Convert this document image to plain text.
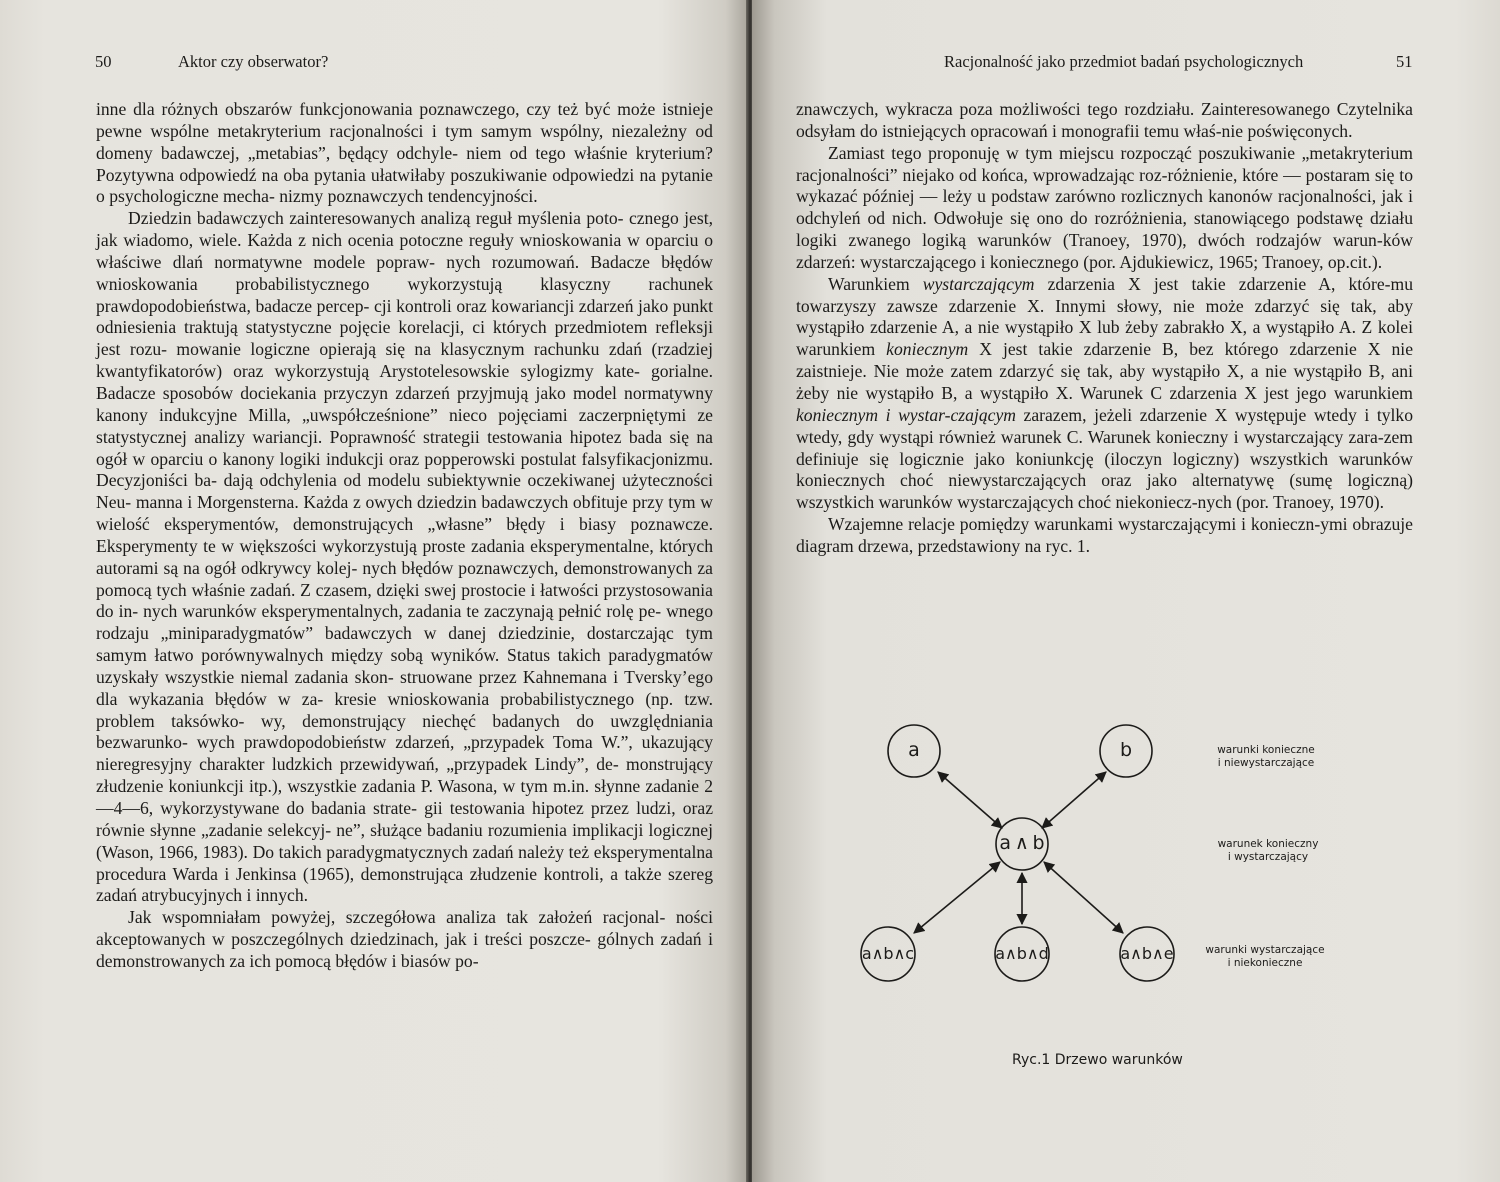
50	Aktor czy obserwator?

inne dla różnych obszarów funkcjonowania poznawczego, czy też być może istnieje pewne wspólne metakryterium racjonalności i tym samym wspólny, niezależny od domeny badawczej, „metabias”, będący odchyle- niem od tego właśnie kryterium? Pozytywna odpowiedź na oba pytania ułatwiłaby poszukiwanie odpowiedzi na pytanie o psychologiczne mecha- nizmy poznawczych tendencyjności.

Dziedzin badawczych zainteresowanych analizą reguł myślenia poto- cznego jest, jak wiadomo, wiele. Każda z nich ocenia potoczne reguły wnioskowania w oparciu o właściwe dlań normatywne modele popraw- nych rozumowań. Badacze błędów wnioskowania probabilistycznego wykorzystują klasyczny rachunek prawdopodobieństwa, badacze percep- cji kontroli oraz kowariancji zdarzeń jako punkt odniesienia traktują statystyczne pojęcie korelacji, ci których przedmiotem refleksji jest rozu- mowanie logiczne opierają się na klasycznym rachunku zdań (rzadziej kwantyfikatorów) oraz wykorzystują Arystotelesowskie sylogizmy kate- gorialne. Badacze sposobów dociekania przyczyn zdarzeń przyjmują jako model normatywny kanony indukcyjne Milla, „uwspółcześnione” nieco pojęciami zaczerpniętymi ze statystycznej analizy wariancji. Poprawność strategii testowania hipotez bada się na ogół w oparciu o kanony logiki indukcji oraz popperowski postulat falsyfikacjonizmu. Decyzjoniści ba- dają odchylenia od modelu subiektywnie oczekiwanej użyteczności Neu- manna i Morgensterna. Każda z owych dziedzin badawczych obfituje przy tym w wielość eksperymentów, demonstrujących „własne” błędy i biasy poznawcze. Eksperymenty te w większości wykorzystują proste zadania eksperymentalne, których autorami są na ogół odkrywcy kolej- nych błędów poznawczych, demonstrowanych za pomocą tych właśnie zadań. Z czasem, dzięki swej prostocie i łatwości przystosowania do in- nych warunków eksperymentalnych, zadania te zaczynają pełnić rolę pe- wnego rodzaju „miniparadygmatów” badawczych w danej dziedzinie, dostarczając tym samym łatwo porównywalnych między sobą wyników. Status takich paradygmatów uzyskały wszystkie niemal zadania skon- struowane przez Kahnemana i Tversky’ego dla wykazania błędów w za- kresie wnioskowania probabilistycznego (np. tzw. problem taksówko- wy, demonstrujący niechęć badanych do uwzględniania bezwarunko- wych prawdopodobieństw zdarzeń, „przypadek Toma W.”, ukazujący nieregresyjny charakter ludzkich przewidywań, „przypadek Lindy”, de- monstrujący złudzenie koniunkcji itp.), wszystkie zadania P. Wasona, w tym m.in. słynne zadanie 2—4—6, wykorzystywane do badania strate- gii testowania hipotez przez ludzi, oraz równie słynne „zadanie selekcyj- ne”, służące badaniu rozumienia implikacji logicznej (Wason, 1966, 1983). Do takich paradygmatycznych zadań należy też eksperymentalna procedura Warda i Jenkinsa (1965), demonstrująca złudzenie kontroli, a także szereg zadań atrybucyjnych i innych.

Jak wspomniałam powyżej, szczegółowa analiza tak założeń racjonal- ności akceptowanych w poszczególnych dziedzinach, jak i treści poszcze- gólnych zadań i demonstrowanych za ich pomocą błędów i biasów po-

Racjonalność jako przedmiot badań psychologicznych	51

znawczych, wykracza poza możliwości tego rozdziału. Zainteresowanego Czytelnika odsyłam do istniejących opracowań i monografii temu właś-nie poświęconych.

Zamiast tego proponuję w tym miejscu rozpocząć poszukiwanie „metakryterium racjonalności” niejako od końca, wprowadzając roz-różnienie, które — postaram się to wykazać później — leży u podstaw zarówno rozlicznych kanonów racjonalności, jak i odchyleń od nich. Odwołuje się ono do rozróżnienia, stanowiącego podstawę działu logiki zwanego logiką warunków (Tranoey, 1970), dwóch rodzajów warun-ków zdarzeń: wystarczającego i koniecznego (por. Ajdukiewicz, 1965; Tranoey, op.cit.).

Warunkiem wystarczającym zdarzenia X jest takie zdarzenie A, które-mu towarzyszy zawsze zdarzenie X. Innymi słowy, nie może zdarzyć się tak, aby wystąpiło zdarzenie A, a nie wystąpiło X lub żeby zabrakło X, a wystąpiło A. Z kolei warunkiem koniecznym X jest takie zdarzenie B, bez którego zdarzenie X nie zaistnieje. Nie może zatem zdarzyć się tak, aby wystąpiło X, a nie wystąpiło B, ani żeby nie wystąpiło B, a wystąpiło X. Warunek C zdarzenia X jest jego warunkiem koniecznym i wystar-czającym zarazem, jeżeli zdarzenie X występuje wtedy i tylko wtedy, gdy wystąpi również warunek C. Warunek konieczny i wystarczający zara-zem definiuje się logicznie jako koniunkcję (iloczyn logiczny) wszystkich warunków koniecznych choć niewystarczających oraz jako alternatywę (sumę logiczną) wszystkich warunków wystarczających choć niekoniecz-nych (por. Tranoey, 1970).

Wzajemne relacje pomiędzy warunkami wystarczającymi i konieczn-ymi obrazuje diagram drzewa, przedstawiony na ryc. 1.

a	b
a ∧ b
a∧b∧c	a∧b∧d	a∧b∧e
warunki konieczne
i niewystarczające
warunek konieczny
i wystarczający
warunki wystarczające
i niekonieczne
Ryc.1 Drzewo warunków
